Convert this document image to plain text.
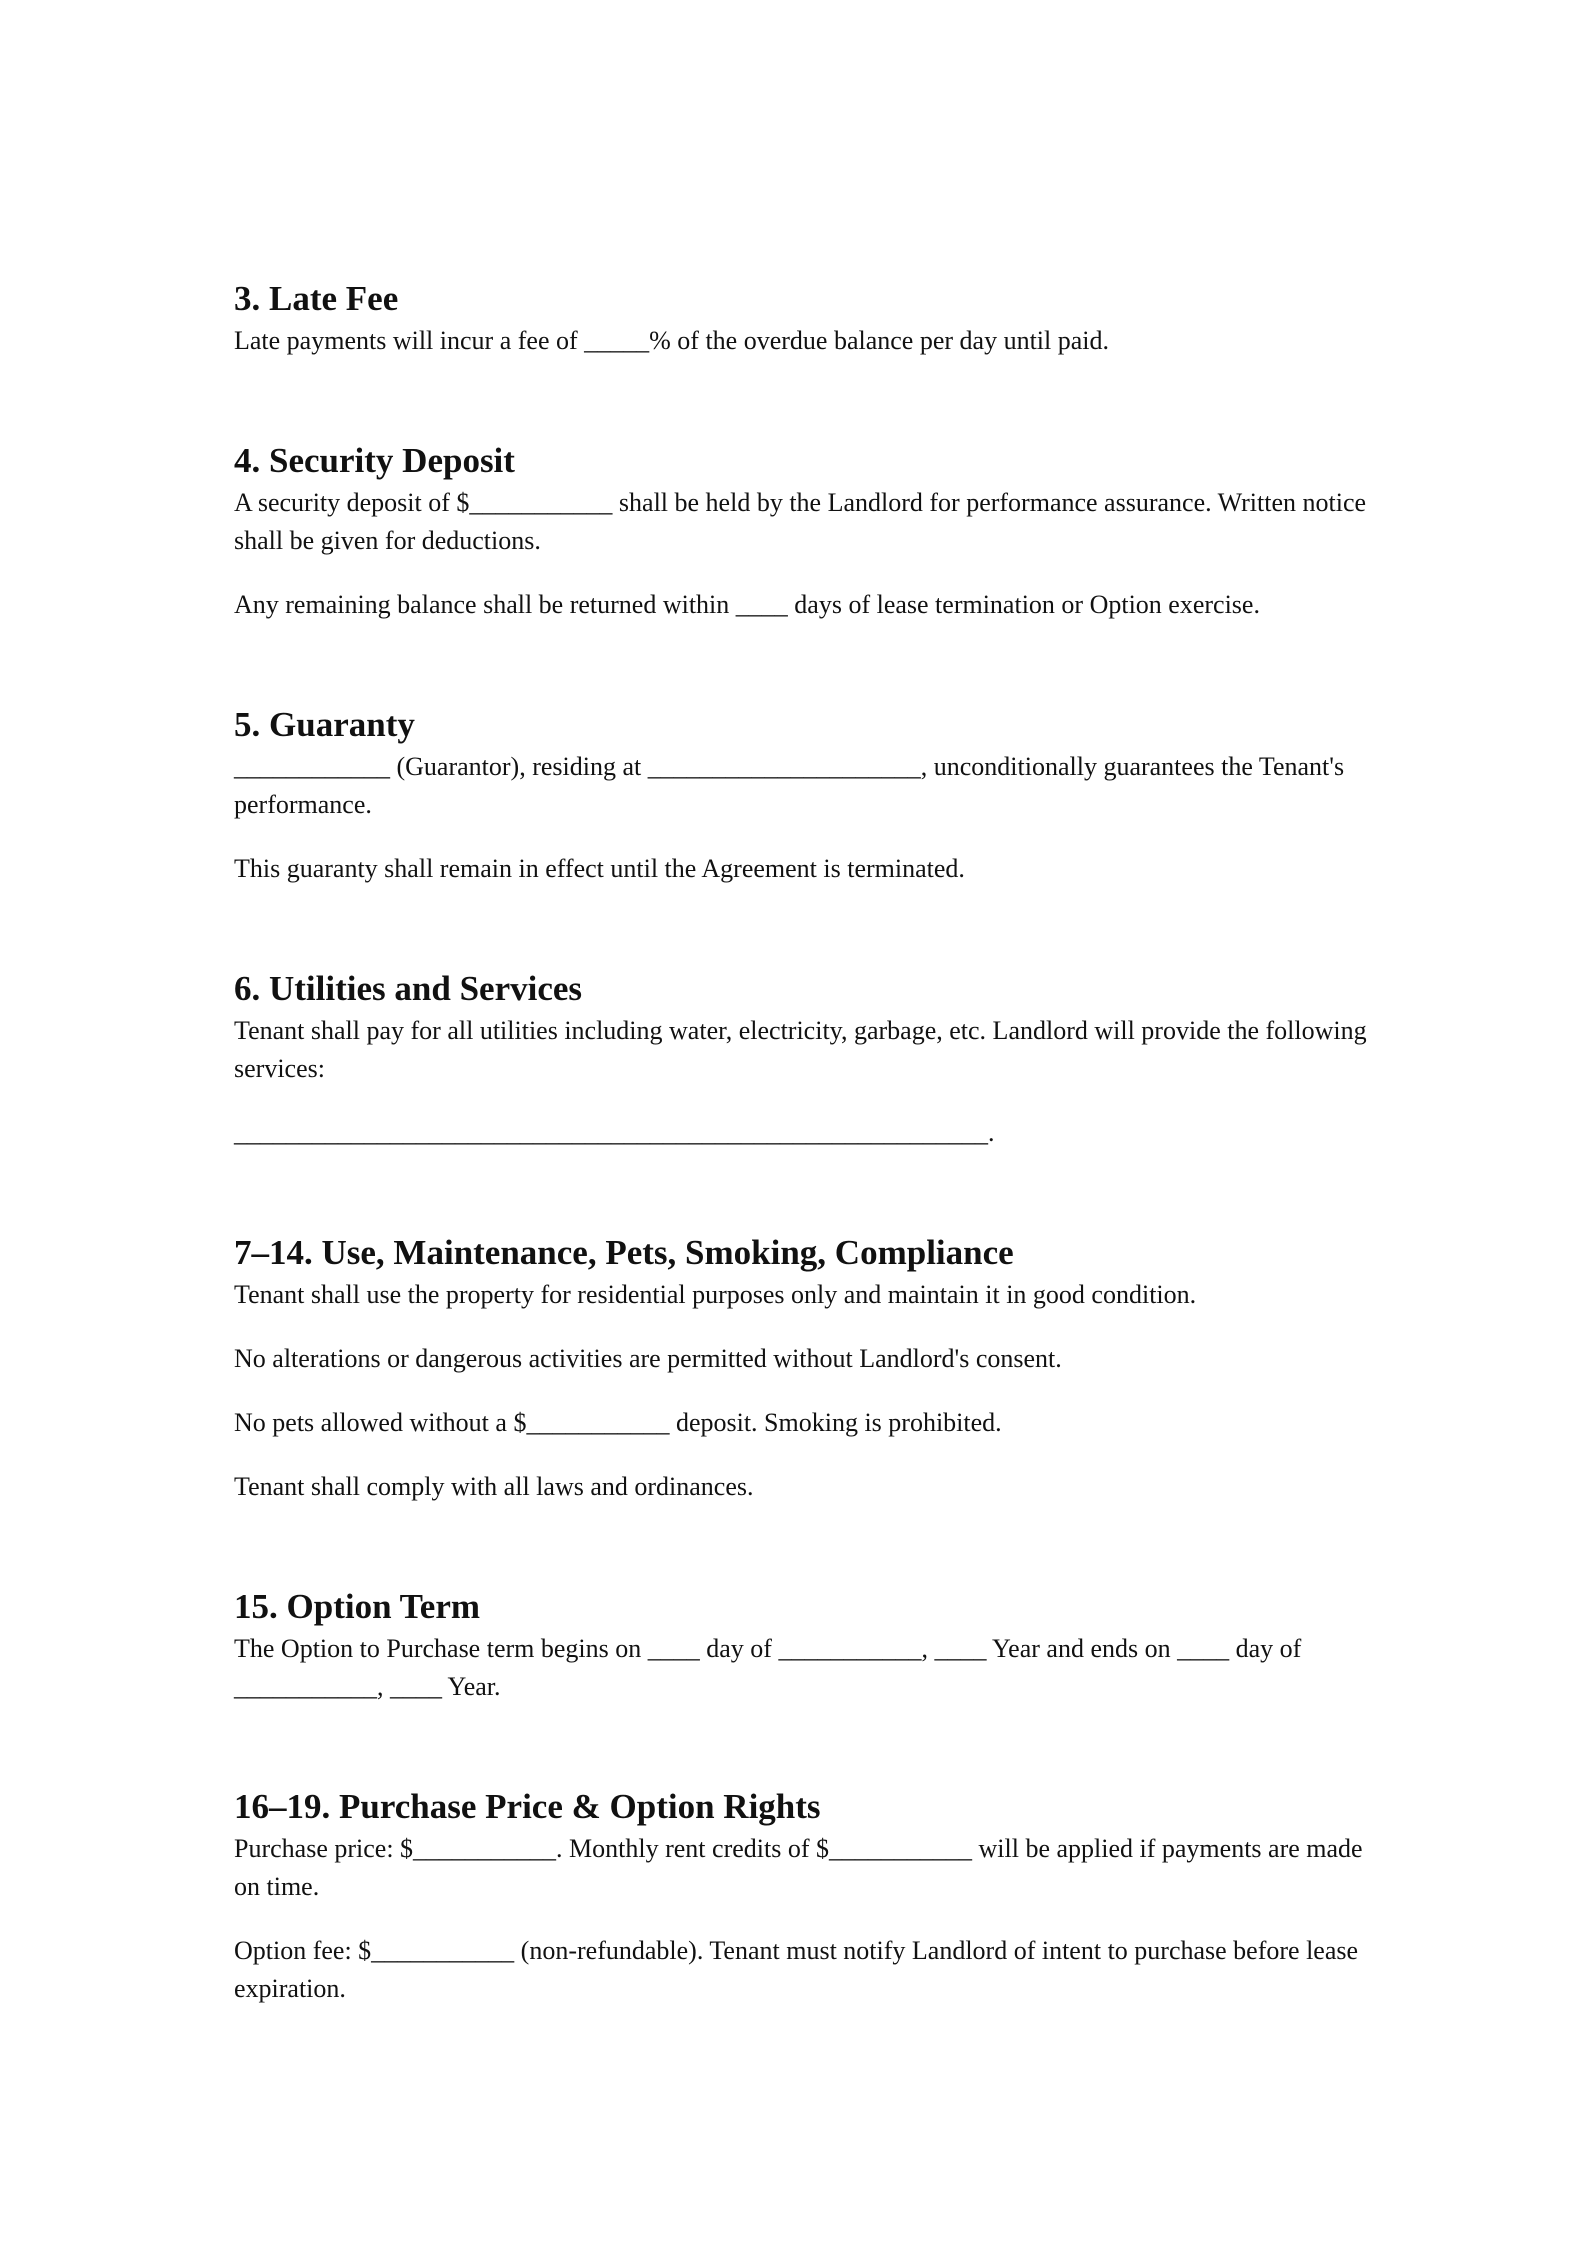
3. Late Fee

Late payments will incur a fee of _____% of the overdue balance per day until paid.

4. Security Deposit

A security deposit of $___________ shall be held by the Landlord for performance assurance. Written notice shall be given for deductions.

Any remaining balance shall be returned within ____ days of lease termination or Option exercise.

5. Guaranty

____________ (Guarantor), residing at _____________________, unconditionally guarantees the Tenant's performance.

This guaranty shall remain in effect until the Agreement is terminated.

6. Utilities and Services

Tenant shall pay for all utilities including water, electricity, garbage, etc. Landlord will provide the following services:

__________________________________________________________.

7–14. Use, Maintenance, Pets, Smoking, Compliance

Tenant shall use the property for residential purposes only and maintain it in good condition.

No alterations or dangerous activities are permitted without Landlord's consent.

No pets allowed without a $___________ deposit. Smoking is prohibited.

Tenant shall comply with all laws and ordinances.

15. Option Term

The Option to Purchase term begins on ____ day of ___________, ____ Year and ends on ____ day of ___________, ____ Year.

16–19. Purchase Price & Option Rights

Purchase price: $___________. Monthly rent credits of $___________ will be applied if payments are made on time.

Option fee: $___________ (non-refundable). Tenant must notify Landlord of intent to purchase before lease expiration.
